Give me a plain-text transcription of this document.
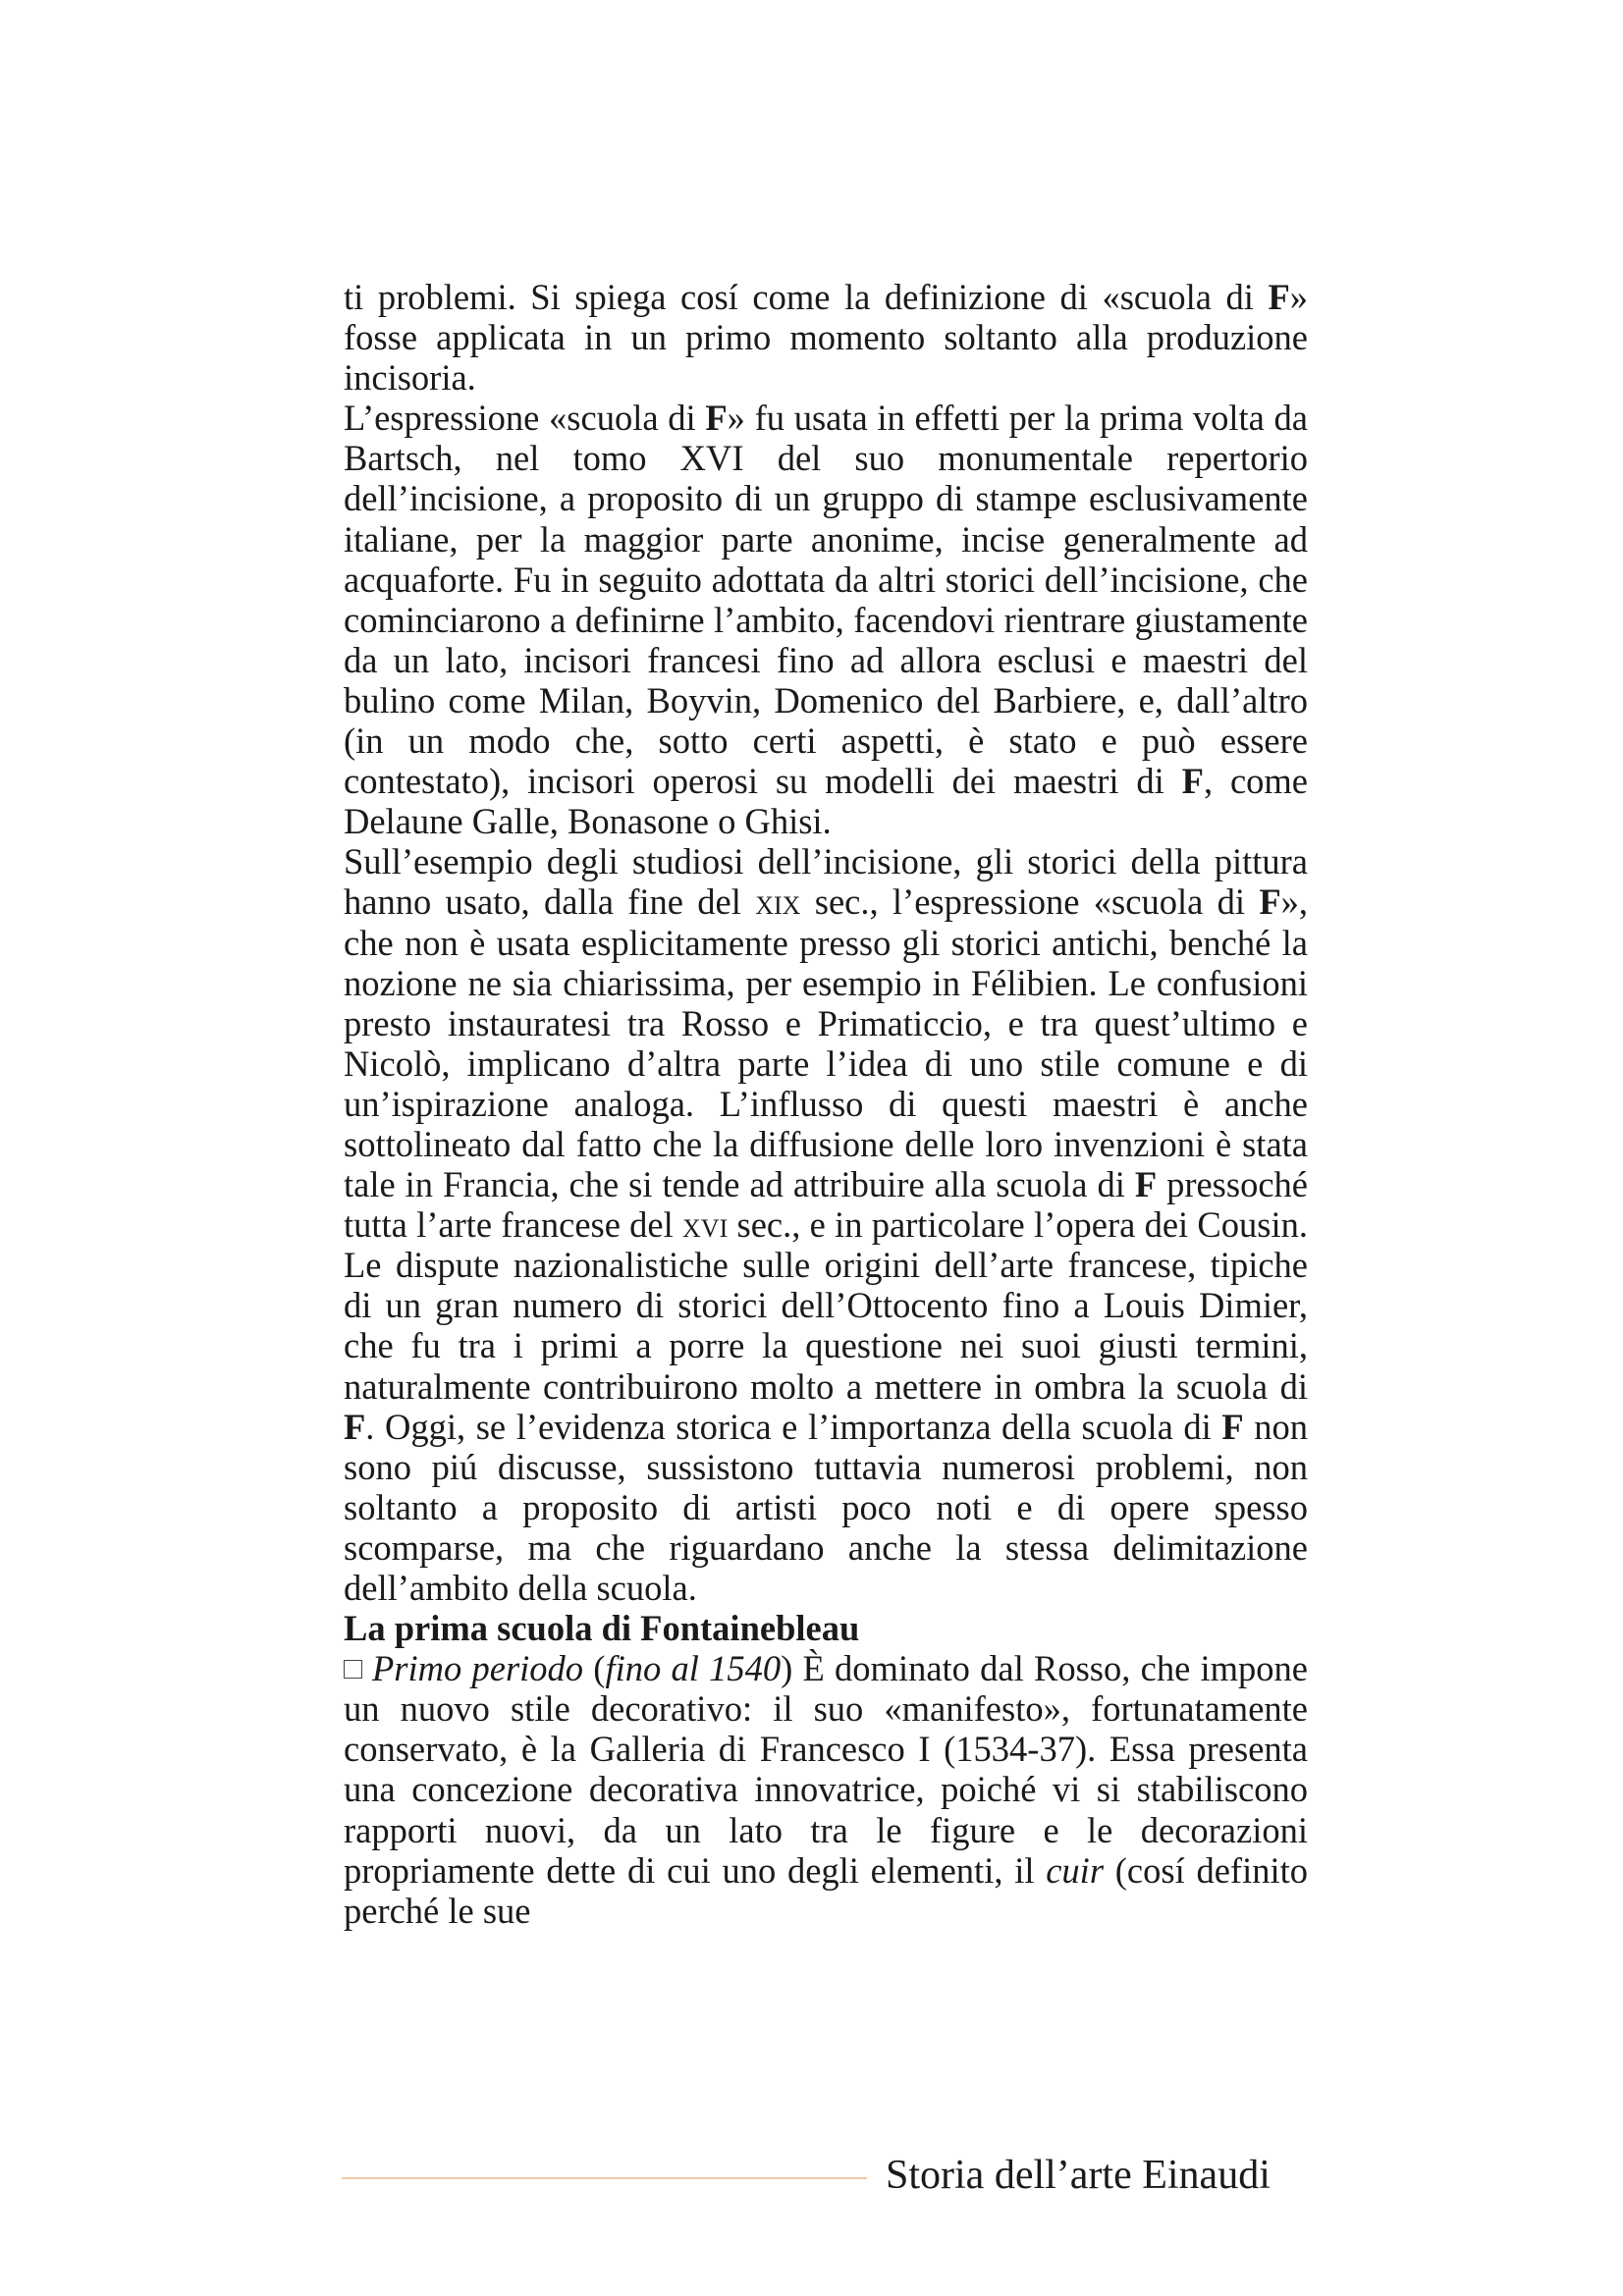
ti problemi. Si spiega cosí come la definizione di «scuola di F» fosse applicata in un primo momento soltanto alla produzione incisoria.

L’espressione «scuola di F» fu usata in effetti per la prima volta da Bartsch, nel tomo XVI del suo monumentale repertorio dell’incisione, a proposito di un gruppo di stampe esclusivamente italiane, per la maggior parte anonime, incise generalmente ad acquaforte. Fu in seguito adottata da altri storici dell’incisione, che cominciarono a definirne l’ambito, facendovi rientrare giustamente da un lato, incisori francesi fino ad allora esclusi e maestri del bulino come Milan, Boyvin, Domenico del Barbiere, e, dall’altro (in un modo che, sotto certi aspetti, è stato e può essere contestato), incisori operosi su modelli dei maestri di F, come Delaune Galle, Bonasone o Ghisi.

Sull’esempio degli studiosi dell’incisione, gli storici della pittura hanno usato, dalla fine del xix sec., l’espressione «scuola di F», che non è usata esplicitamente presso gli storici antichi, benché la nozione ne sia chiarissima, per esempio in Félibien. Le confusioni presto instauratesi tra Rosso e Primaticcio, e tra quest’ultimo e Nicolò, implicano d’altra parte l’idea di uno stile comune e di un’ispirazione analoga. L’influsso di questi maestri è anche sottolineato dal fatto che la diffusione delle loro invenzioni è stata tale in Francia, che si tende ad attribuire alla scuola di F pressoché tutta l’arte francese del xvi sec., e in particolare l’opera dei Cousin. Le dispute nazionalistiche sulle origini dell’arte francese, tipiche di un gran numero di storici dell’Ottocento fino a Louis Dimier, che fu tra i primi a porre la questione nei suoi giusti termini, naturalmente contribuirono molto a mettere in ombra la scuola di F. Oggi, se l’evidenza storica e l’importanza della scuola di F non sono piú discusse, sussistono tuttavia numerosi problemi, non soltanto a proposito di artisti poco noti e di opere spesso scomparse, ma che riguardano anche la stessa delimitazione dell’ambito della scuola.

La prima scuola di Fontainebleau

Primo periodo (fino al 1540) È dominato dal Rosso, che impone un nuovo stile decorativo: il suo «manifesto», fortunatamente conservato, è la Galleria di Francesco I (1534-37). Essa presenta una concezione decorativa innovatrice, poiché vi si stabiliscono rapporti nuovi, da un lato tra le figure e le decorazioni propriamente dette di cui uno degli elementi, il cuir (cosí definito perché le sue

Storia dell’arte Einaudi
